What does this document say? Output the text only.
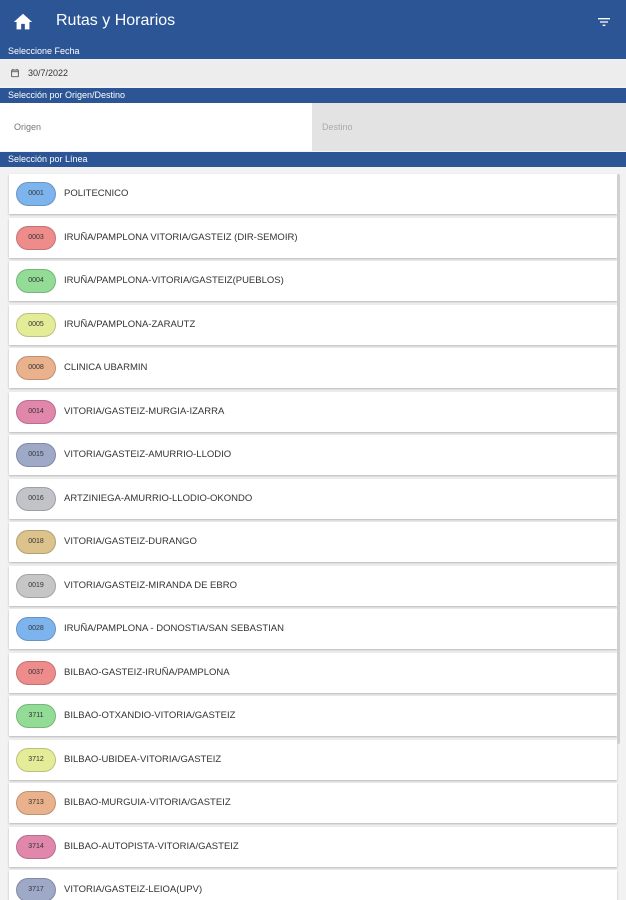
Rutas y Horarios
Seleccione Fecha
30/7/2022
Selección por Origen/Destino
Origen
Destino
Selección por Línea
0001	POLITECNICO
0003	IRUÑA/PAMPLONA VITORIA/GASTEIZ (DIR-SEMOIR)
0004	IRUÑA/PAMPLONA-VITORIA/GASTEIZ(PUEBLOS)
0005	IRUÑA/PAMPLONA-ZARAUTZ
0008	CLINICA UBARMIN
0014	VITORIA/GASTEIZ-MURGIA-IZARRA
0015	VITORIA/GASTEIZ-AMURRIO-LLODIO
0016	ARTZINIEGA-AMURRIO-LLODIO-OKONDO
0018	VITORIA/GASTEIZ-DURANGO
0019	VITORIA/GASTEIZ-MIRANDA DE EBRO
0028	IRUÑA/PAMPLONA - DONOSTIA/SAN SEBASTIAN
0037	BILBAO-GASTEIZ-IRUÑA/PAMPLONA
3711	BILBAO-OTXANDIO-VITORIA/GASTEIZ
3712	BILBAO-UBIDEA-VITORIA/GASTEIZ
3713	BILBAO-MURGUIA-VITORIA/GASTEIZ
3714	BILBAO-AUTOPISTA-VITORIA/GASTEIZ
3717	VITORIA/GASTEIZ-LEIOA(UPV)
